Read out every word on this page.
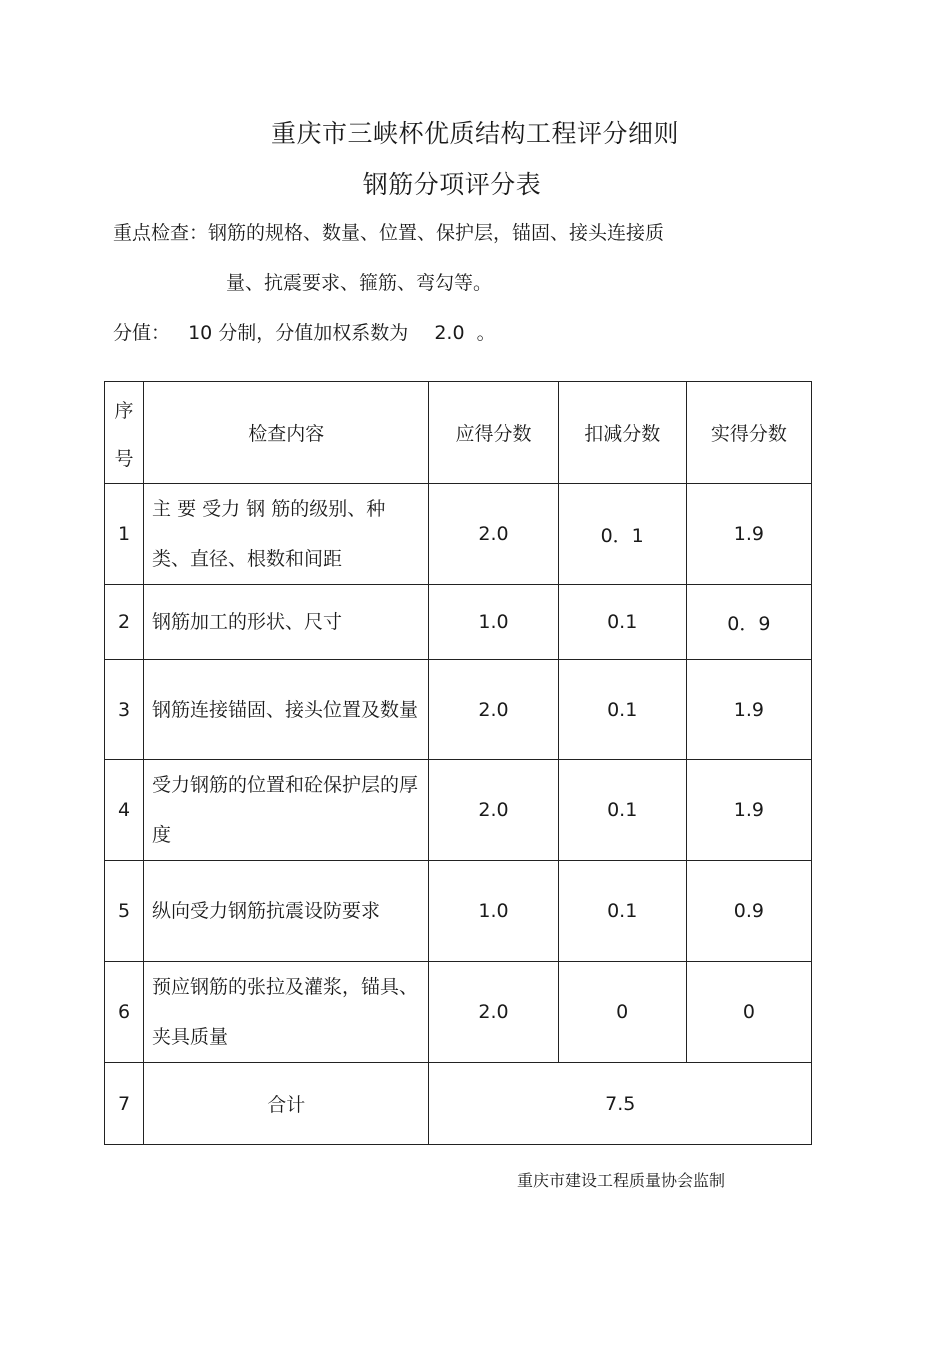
重庆市三峡杯优质结构工程评分细则
钢筋分项评分表
重点检查：钢筋的规格、数量、位置、保护层，锚固、接头连接质
量、抗震要求、箍筋、弯勾等。
分值： 10 分制，分值加权系数为 2.0 。
序
号	检查内容	应得分数	扣减分数	实得分数
1	主 要 受力 钢 筋的级别、种类、直径、根数和间距	2.0	0．1	1.9
2	钢筋加工的形状、尺寸	1.0	0.1	0．9
3	钢筋连接锚固、接头位置及数量	2.0	0.1	1.9
4	受力钢筋的位置和砼保护层的厚度	2.0	0.1	1.9
5	纵向受力钢筋抗震设防要求	1.0	0.1	0.9
6	预应钢筋的张拉及灌浆，锚具、夹具质量	2.0	0	0
7	合计	7.5		
重庆市建设工程质量协会监制
